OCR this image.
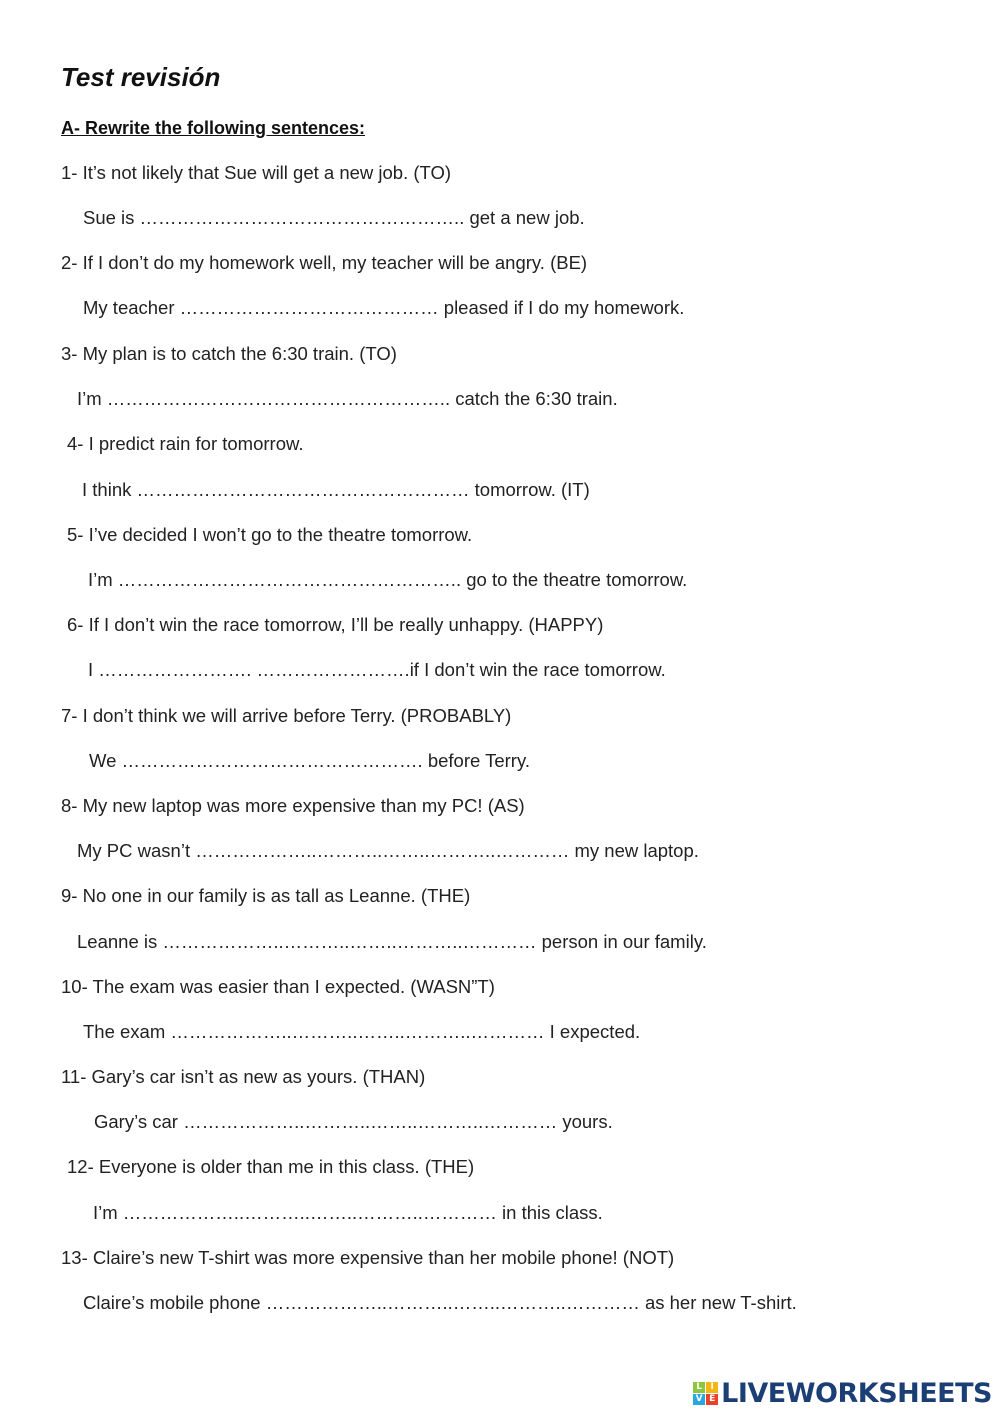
Test revisión
A- Rewrite the following sentences:
1- It’s not likely that Sue will get a new job. (TO)
Sue is …………………………………………….. get a new job.
2- If I don’t do my homework well, my teacher will be angry. (BE)
My teacher …………………………………… pleased if I do my homework.
3- My plan is to catch the 6:30 train. (TO)
I’m ……………………………………………….. catch the 6:30 train.
4- I predict rain for tomorrow.
I think ……………………………………………… tomorrow. (IT)
5- I’ve decided I won’t go to the theatre tomorrow.
I’m ……………………………………………….. go to the theatre tomorrow.
6- If I don’t win the race tomorrow, I’ll be really unhappy. (HAPPY)
I ……………………. …………………….if I don’t win the race tomorrow.
7- I don’t think we will arrive before Terry. (PROBABLY)
We …………………………………………. before Terry.
8- My new laptop was more expensive than my PC! (AS)
My PC wasn’t ………………..………..……..………..………… my new laptop.
9- No one in our family is as tall as Leanne. (THE)
Leanne is ………………..………..……..………..………… person in our family.
10- The exam was easier than I expected. (WASN”T)
The exam ………………..………..……..………..………… I expected.
11- Gary’s car isn’t as new as yours. (THAN)
Gary’s car ………………..………..……..………..………… yours.
12- Everyone is older than me in this class. (THE)
I’m ………………..………..……..………..………… in this class.
13- Claire’s new T-shirt was more expensive than her mobile phone! (NOT)
Claire’s mobile phone ………………..………..……..………..………… as her new T-shirt.
L I
V E LIVEWORKSHEETS
